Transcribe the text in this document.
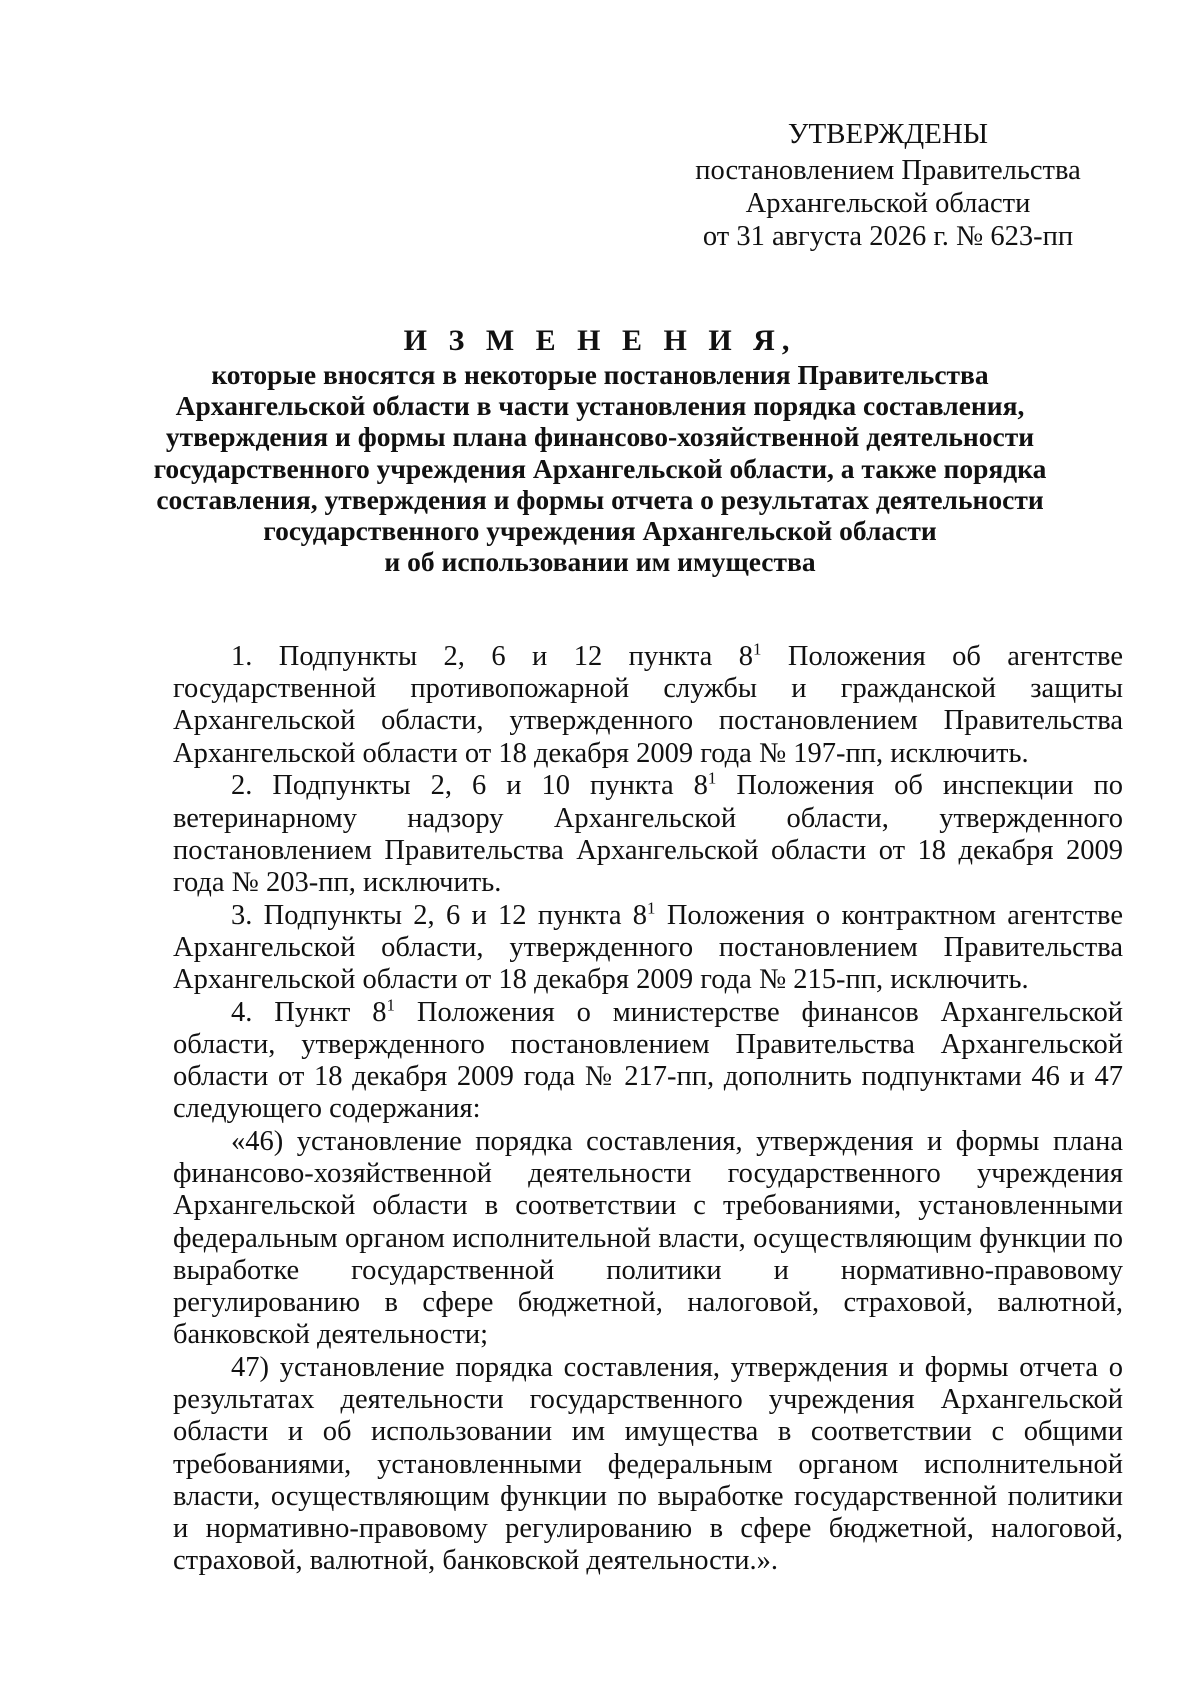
УТВЕРЖДЕНЫ
постановлением Правительства
Архангельской области
от 31 августа 2026 г. № 623-пп
И З М Е Н Е Н И Я,
которые вносятся в некоторые постановления Правительства
Архангельской области в части установления порядка составления,
утверждения и формы плана финансово-хозяйственной деятельности
государственного учреждения Архангельской области, а также порядка
составления, утверждения и формы отчета о результатах деятельности
государственного учреждения Архангельской области
и об использовании им имущества

1. Подпункты 2, 6 и 12 пункта $8^1$ Положения об агентстве государственной противопожарной службы и гражданской защиты Архангельской области, утвержденного постановлением Правительства Архангельской области от 18 декабря 2009 года № 197-пп, исключить.

2. Подпункты 2, 6 и 10 пункта $8^1$ Положения об инспекции по ветеринарному надзору Архангельской области, утвержденного постановлением Правительства Архангельской области от 18 декабря 2009 года № 203-пп, исключить.

3. Подпункты 2, 6 и 12 пункта $8^1$ Положения о контрактном агентстве Архангельской области, утвержденного постановлением Правительства Архангельской области от 18 декабря 2009 года № 215-пп, исключить.

4. Пункт $8^1$ Положения о министерстве финансов Архангельской области, утвержденного постановлением Правительства Архангельской области от 18 декабря 2009 года № 217-пп, дополнить подпунктами 46 и 47 следующего содержания:

«46) установление порядка составления, утверждения и формы плана финансово-хозяйственной деятельности государственного учреждения Архангельской области в соответствии с требованиями, установленными федеральным органом исполнительной власти, осуществляющим функции по выработке государственной политики и нормативно-правовому регулированию в сфере бюджетной, налоговой, страховой, валютной, банковской деятельности;

47) установление порядка составления, утверждения и формы отчета о результатах деятельности государственного учреждения Архангельской области и об использовании им имущества в соответствии с общими требованиями, установленными федеральным органом исполнительной власти, осуществляющим функции по выработке государственной политики и нормативно-правовому регулированию в сфере бюджетной, налоговой, страховой, валютной, банковской деятельности.».
